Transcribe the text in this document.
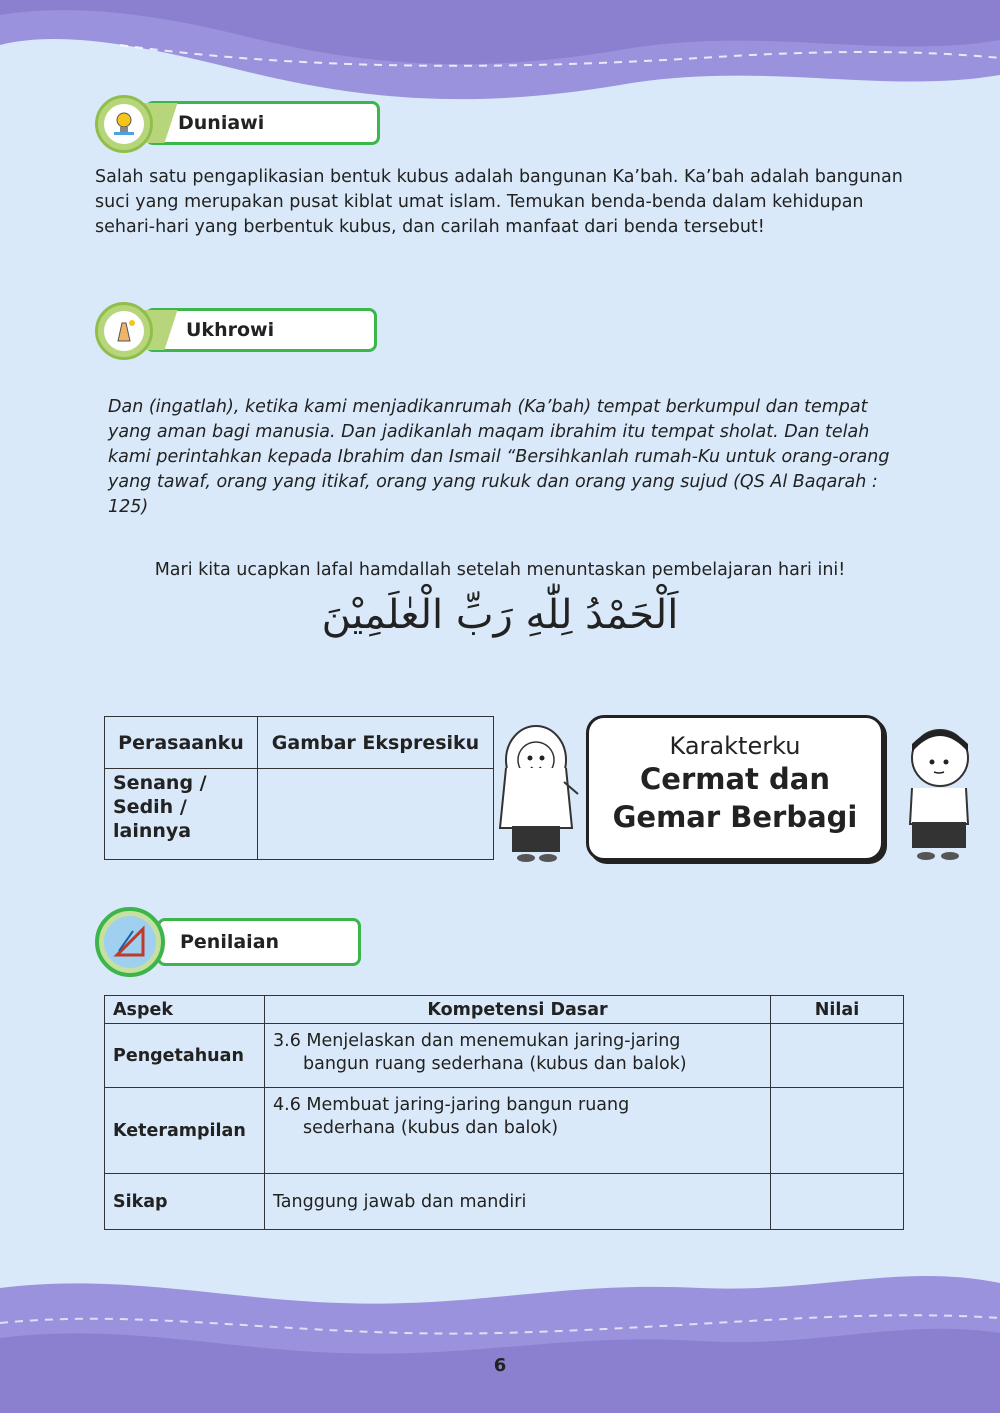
Duniawi

Salah satu pengaplikasian bentuk kubus adalah bangunan Ka’bah. Ka’bah adalah bangunan suci yang merupakan pusat kiblat umat islam. Temukan benda-benda dalam kehidupan sehari-hari yang berbentuk kubus, dan carilah manfaat dari benda tersebut!

Ukhrowi

Dan (ingatlah), ketika kami menjadikanrumah (Ka’bah) tempat berkumpul dan tempat yang aman bagi manusia. Dan jadikanlah maqam ibrahim itu tempat sholat. Dan telah kami perintahkan kepada Ibrahim dan Ismail “Bersihkanlah rumah-Ku untuk orang-orang yang tawaf, orang yang itikaf, orang yang rukuk dan orang yang sujud (QS Al Baqarah : 125)

Mari kita ucapkan lafal hamdallah setelah menuntaskan pembelajaran hari ini!

اَلْحَمْدُ لِلّٰهِ رَبِّ الْعٰلَمِيْنَ
Perasaanku	Gambar Ekspresiku
Senang / Sedih / lainnya	
Karakterku
Cermat dan
Gemar Berbagi
Penilaian
Aspek	Kompetensi Dasar	Nilai
Pengetahuan	3.6 Menjelaskan dan menemukan jaring-jaring
bangun ruang sederhana (kubus dan balok)	

Keterampilan	4.6 Membuat jaring-jaring bangun ruang
sederhana (kubus dan balok)	

Sikap	Tanggung jawab dan mandiri	
6
